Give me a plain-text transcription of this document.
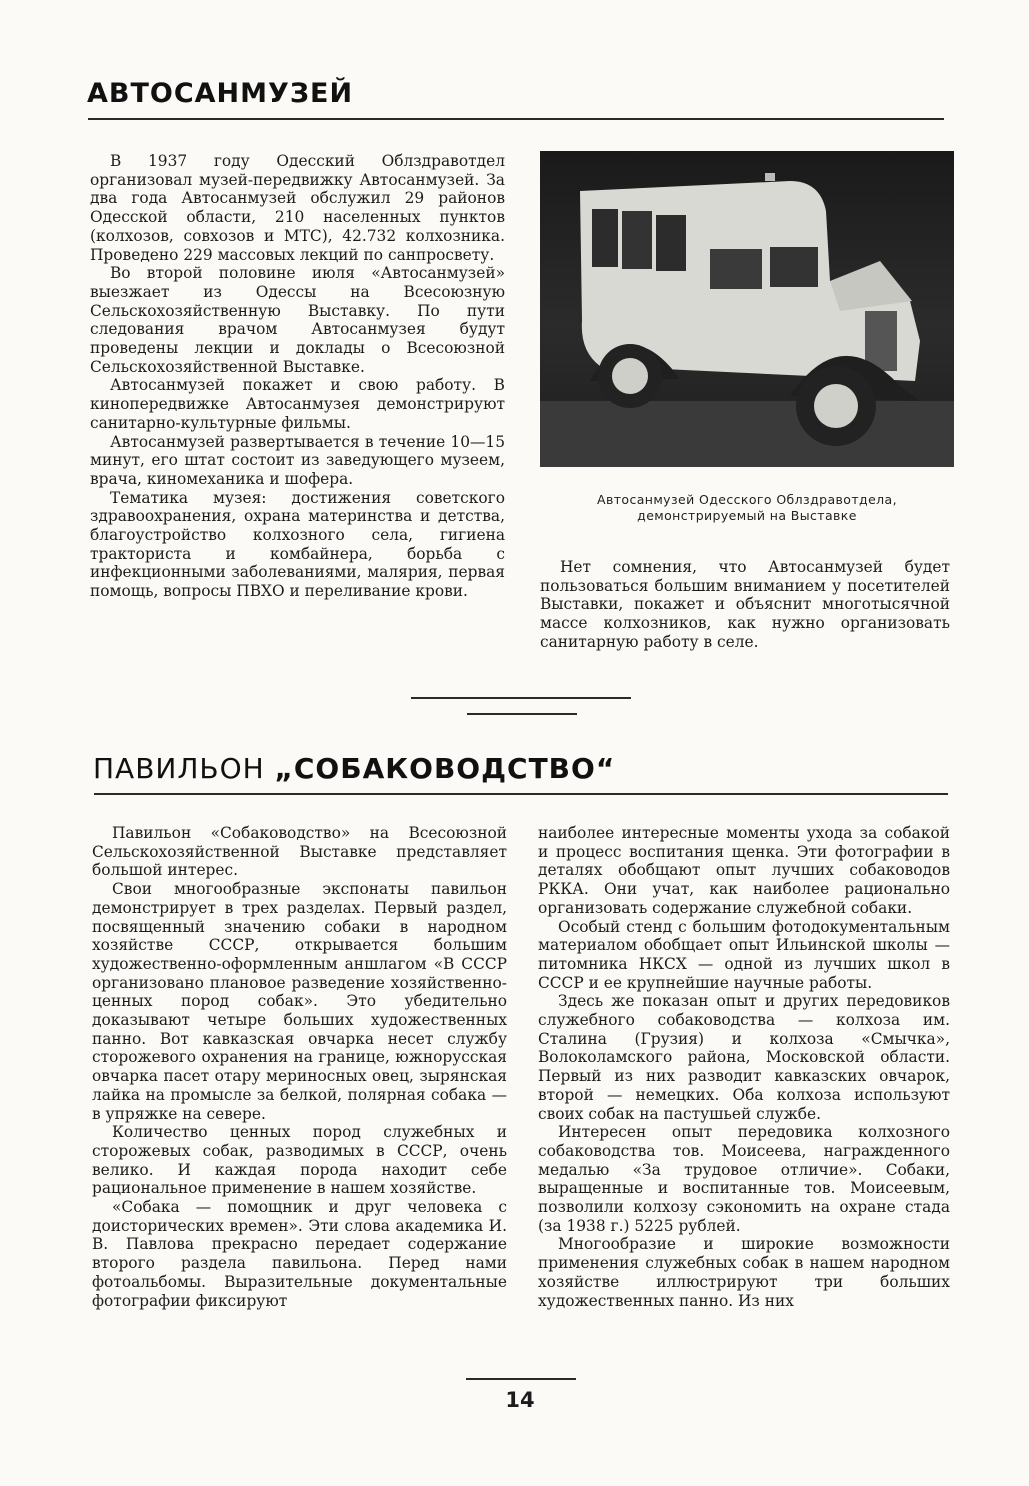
АВТОСАНМУЗЕЙ

В 1937 году Одесский Облздравотдел организовал музей-передвижку Автосанмузей. За два года Автосанмузей обслужил 29 районов Одесской области, 210 населенных пунктов (колхозов, совхозов и МТС), 42.732 колхозника. Проведено 229 массовых лекций по санпросвету.

Во второй половине июля «Автосанмузей» выезжает из Одессы на Всесоюзную Сельскохозяйственную Выставку. По пути следования врачом Автосанмузея будут проведены лекции и доклады о Всесоюзной Сельскохозяйственной Выставке.

Автосанмузей покажет и свою работу. В кинопередвижке Автосанмузея демонстрируют санитарно-культурные фильмы.

Автосанмузей развертывается в течение 10—15 минут, его штат состоит из заведующего музеем, врача, киномеханика и шофера.

Тематика музея: достижения советского здравоохранения, охрана материнства и детства, благоустройство колхозного села, гигиена тракториста и комбайнера, борьба с инфекционными заболеваниями, малярия, первая помощь, вопросы ПВХО и переливание крови.

Автосанмузей Одесского Облздравотдела, демонстрируемый на Выставке

Нет сомнения, что Автосанмузей будет пользоваться большим вниманием у посетителей Выставки, покажет и объяснит многотысячной массе колхозников, как нужно организовать санитарную работу в селе.

ПАВИЛЬОН „СОБАКОВОДСТВО“

Павильон «Собаководство» на Всесоюзной Сельскохозяйственной Выставке представляет большой интерес.

Свои многообразные экспонаты павильон демонстрирует в трех разделах. Первый раздел, посвященный значению собаки в народном хозяйстве СССР, открывается большим художественно-оформленным аншлагом «В СССР организовано плановое разведение хозяйственно-ценных пород собак». Это убедительно доказывают четыре больших художественных панно. Вот кавказская овчарка несет службу сторожевого охранения на границе, южнорусская овчарка пасет отару мериносных овец, зырянская лайка на промысле за белкой, полярная собака — в упряжке на севере.

Количество ценных пород служебных и сторожевых собак, разводимых в СССР, очень велико. И каждая порода находит себе рациональное применение в нашем хозяйстве.

«Собака — помощник и друг человека с доисторических времен». Эти слова академика И. В. Павлова прекрасно передает содержание второго раздела павильона. Перед нами фотоальбомы. Выразительные документальные фотографии фиксируют

наиболее интересные моменты ухода за собакой и процесс воспитания щенка. Эти фотографии в деталях обобщают опыт лучших собаководов РККА. Они учат, как наиболее рационально организовать содержание служебной собаки.

Особый стенд с большим фотодокументальным материалом обобщает опыт Ильинской школы — питомника НКСХ — одной из лучших школ в СССР и ее крупнейшие научные работы.

Здесь же показан опыт и других передовиков служебного собаководства — колхоза им. Сталина (Грузия) и колхоза «Смычка», Волоколамского района, Московской области. Первый из них разводит кавказских овчарок, второй — немецких. Оба колхоза используют своих собак на пастушьей службе.

Интересен опыт передовика колхозного собаководства тов. Моисеева, награжденного медалью «За трудовое отличие». Собаки, выращенные и воспитанные тов. Моисеевым, позволили колхозу сэкономить на охране стада (за 1938 г.) 5225 рублей.

Многообразие и широкие возможности применения служебных собак в нашем народном хозяйстве иллюстрируют три больших художественных панно. Из них

14
